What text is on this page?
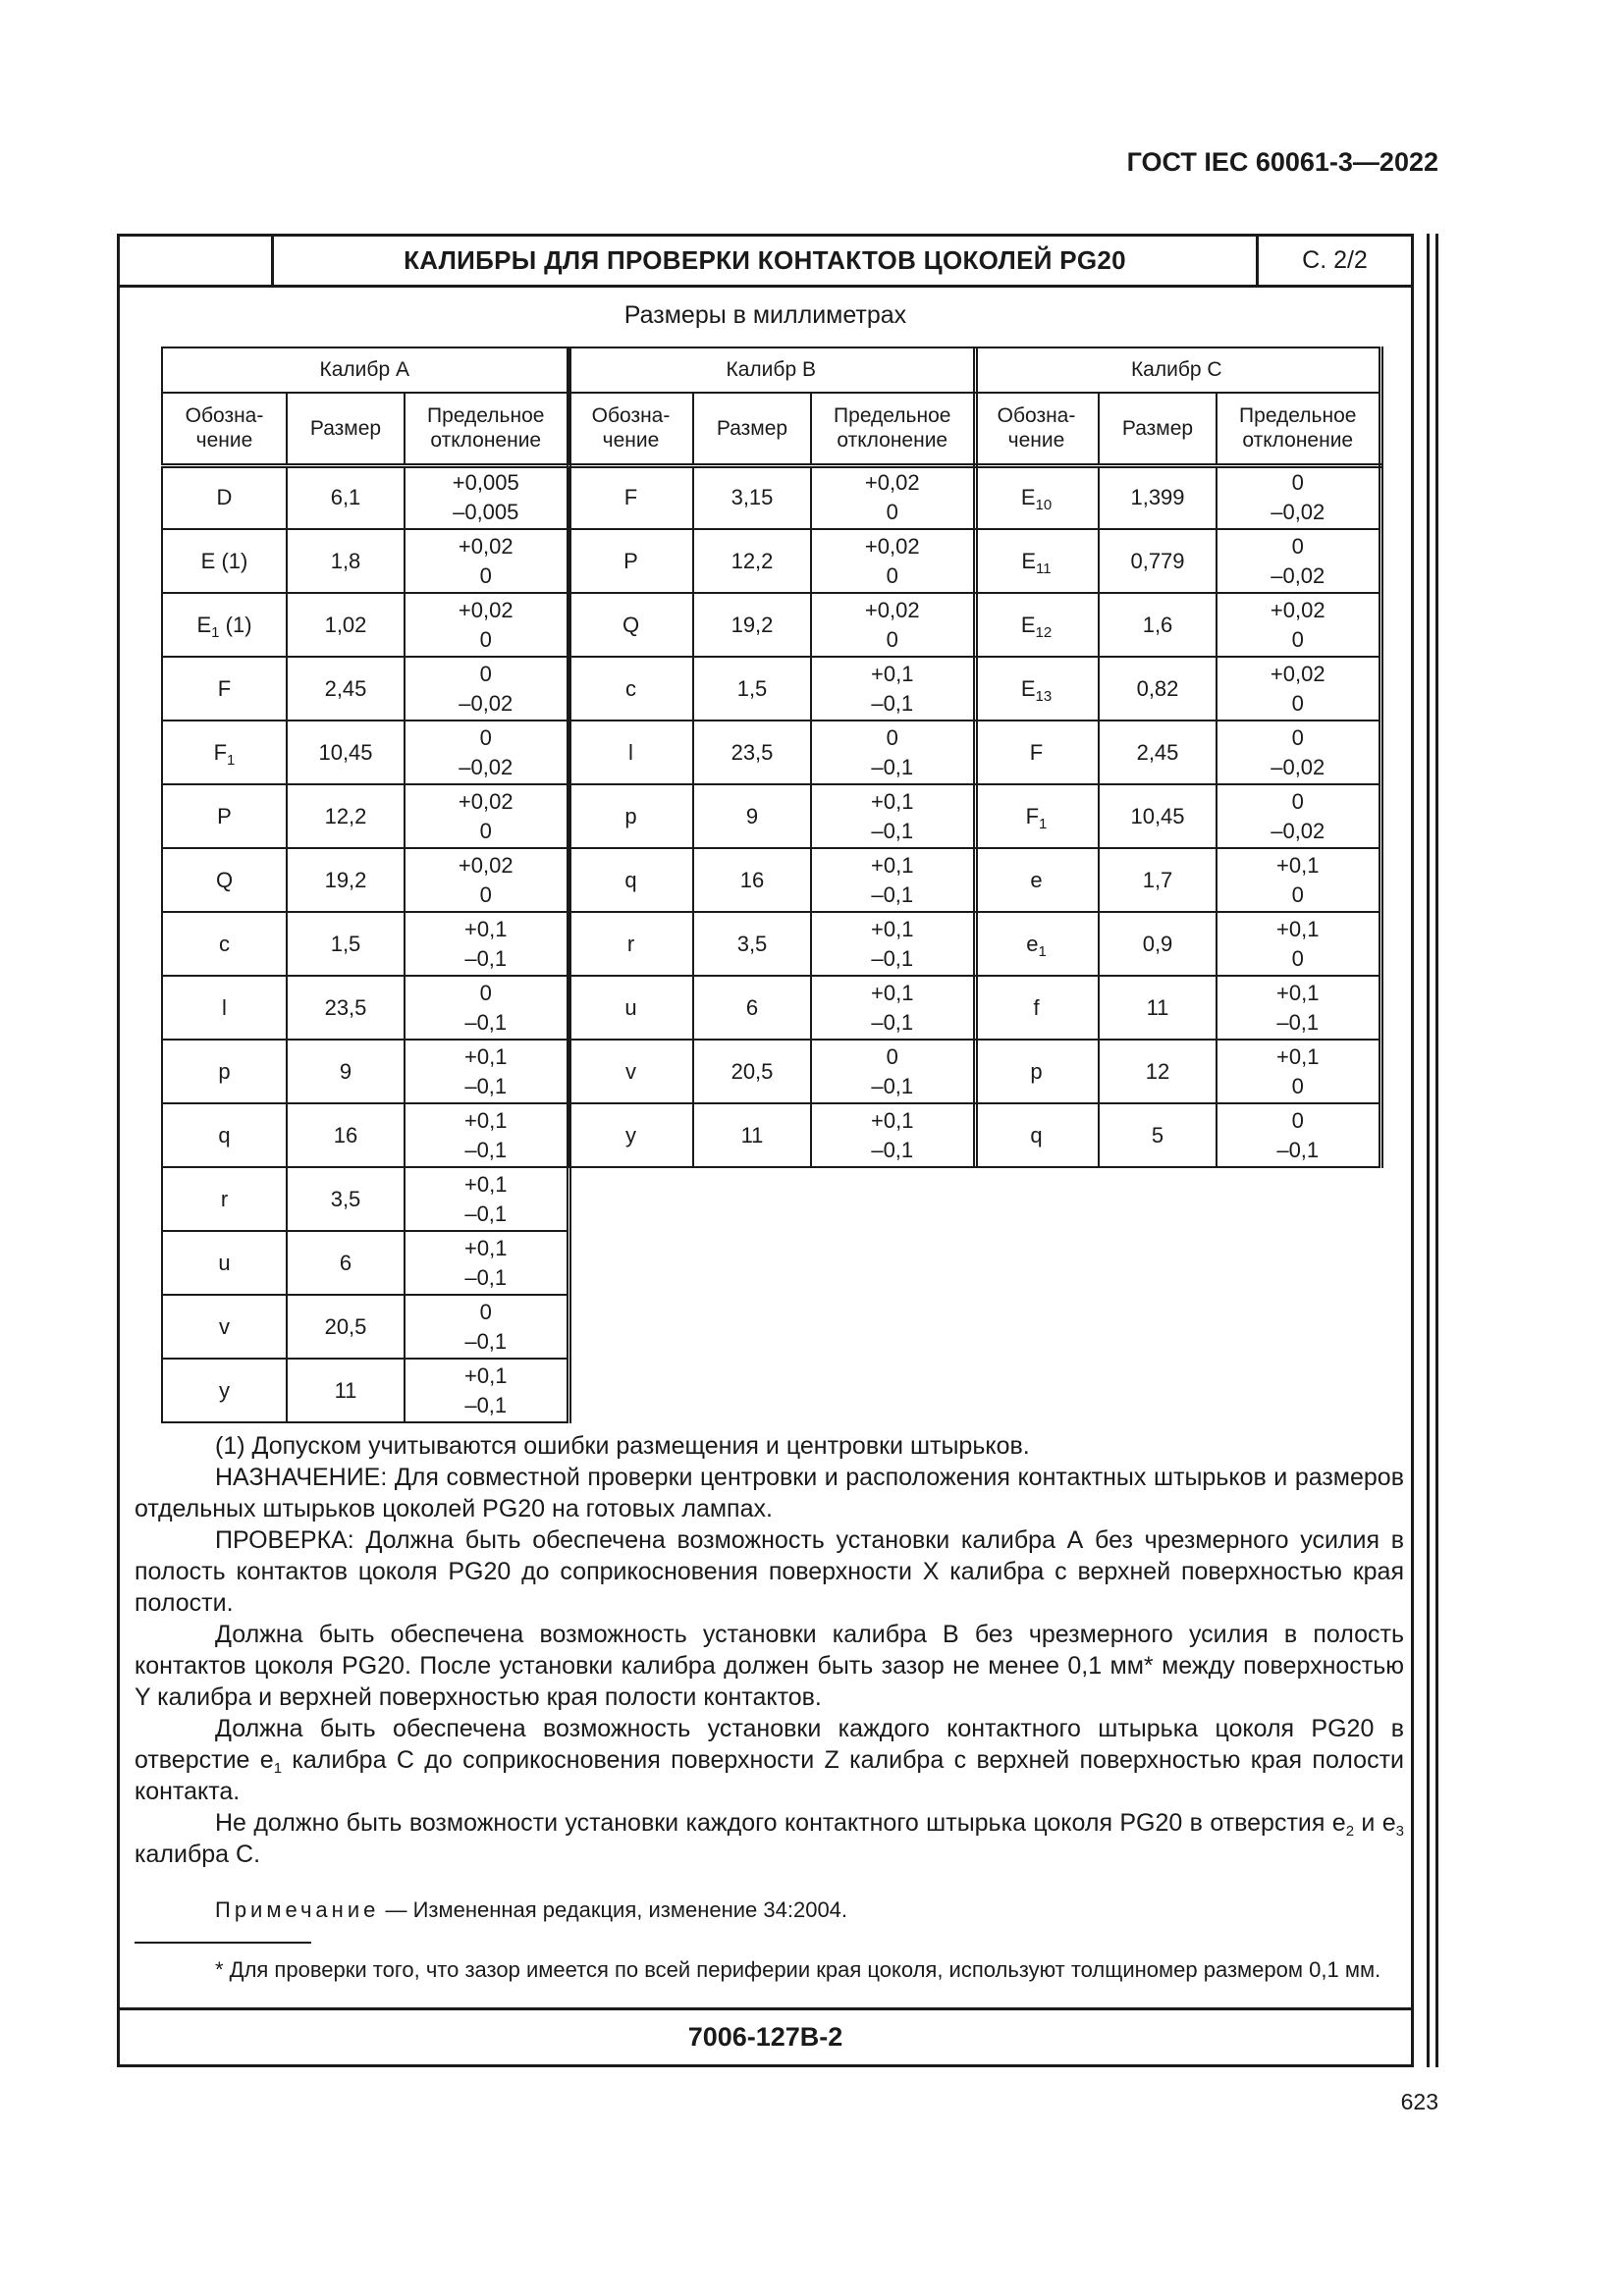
ГОСТ IEC 60061-3—2022
КАЛИБРЫ ДЛЯ ПРОВЕРКИ КОНТАКТОВ ЦОКОЛЕЙ PG20	С. 2/2
Размеры в миллиметрах
Калибр А		
Обозна-
чение	Размер	Предельное
отклонение
D	6,1	+0,005
–0,005

E (1)	1,8	+0,02
0

$E_1$ (1)	1,02	+0,02
0

F	2,45	0
–0,02

$F_1$	10,45	0
–0,02

P	12,2	+0,02
0

Q	19,2	+0,02
0

c	1,5	+0,1
–0,1

l	23,5	0
–0,1

p	9	+0,1
–0,1

q	16	+0,1
–0,1

r	3,5	+0,1
–0,1

u	6	+0,1
–0,1

v	20,5	0
–0,1

y	11	+0,1
–0,1
Калибр В		
Обозна-
чение	Размер	Предельное
отклонение
F	3,15	+0,02
0

P	12,2	+0,02
0

Q	19,2	+0,02
0

c	1,5	+0,1
–0,1

l	23,5	0
–0,1

p	9	+0,1
–0,1

q	16	+0,1
–0,1

r	3,5	+0,1
–0,1

u	6	+0,1
–0,1

v	20,5	0
–0,1

y	11	+0,1
–0,1
Калибр С		
Обозна-
чение	Размер	Предельное
отклонение
$E_{10}$	1,399	0
–0,02

$E_{11}$	0,779	0
–0,02

$E_{12}$	1,6	+0,02
0

$E_{13}$	0,82	+0,02
0

F	2,45	0
–0,02

$F_1$	10,45	0
–0,02

e	1,7	+0,1
0

$e_1$	0,9	+0,1
0

f	11	+0,1
–0,1

p	12	+0,1
0

q	5	0
–0,1

(1) Допуском учитываются ошибки размещения и центровки штырьков.

НАЗНАЧЕНИЕ: Для совместной проверки центровки и расположения контактных штырьков и размеров отдельных штырьков цоколей PG20 на готовых лампах.

ПРОВЕРКА: Должна быть обеспечена возможность установки калибра А без чрезмерного усилия в полость контактов цоколя PG20 до соприкосновения поверхности X калибра с верхней поверхностью края полости.

Должна быть обеспечена возможность установки калибра В без чрезмерного усилия в полость контактов цоколя PG20. После установки калибра должен быть зазор не менее 0,1 мм* между поверхностью Y калибра и верхней поверхностью края полости контактов.

Должна быть обеспечена возможность установки каждого контактного штырька цоколя PG20 в отверстие $e_1$ калибра С до соприкосновения поверхности Z калибра с верхней поверхностью края полости контакта.

Не должно быть возможности установки каждого контактного штырька цоколя PG20 в отверстия $e_2$ и $e_3$ калибра С.

Примечание — Измененная редакция, изменение 34:2004.
* Для проверки того, что зазор имеется по всей периферии края цоколя, используют толщиномер размером 0,1 мм.
7006-127В-2
623
